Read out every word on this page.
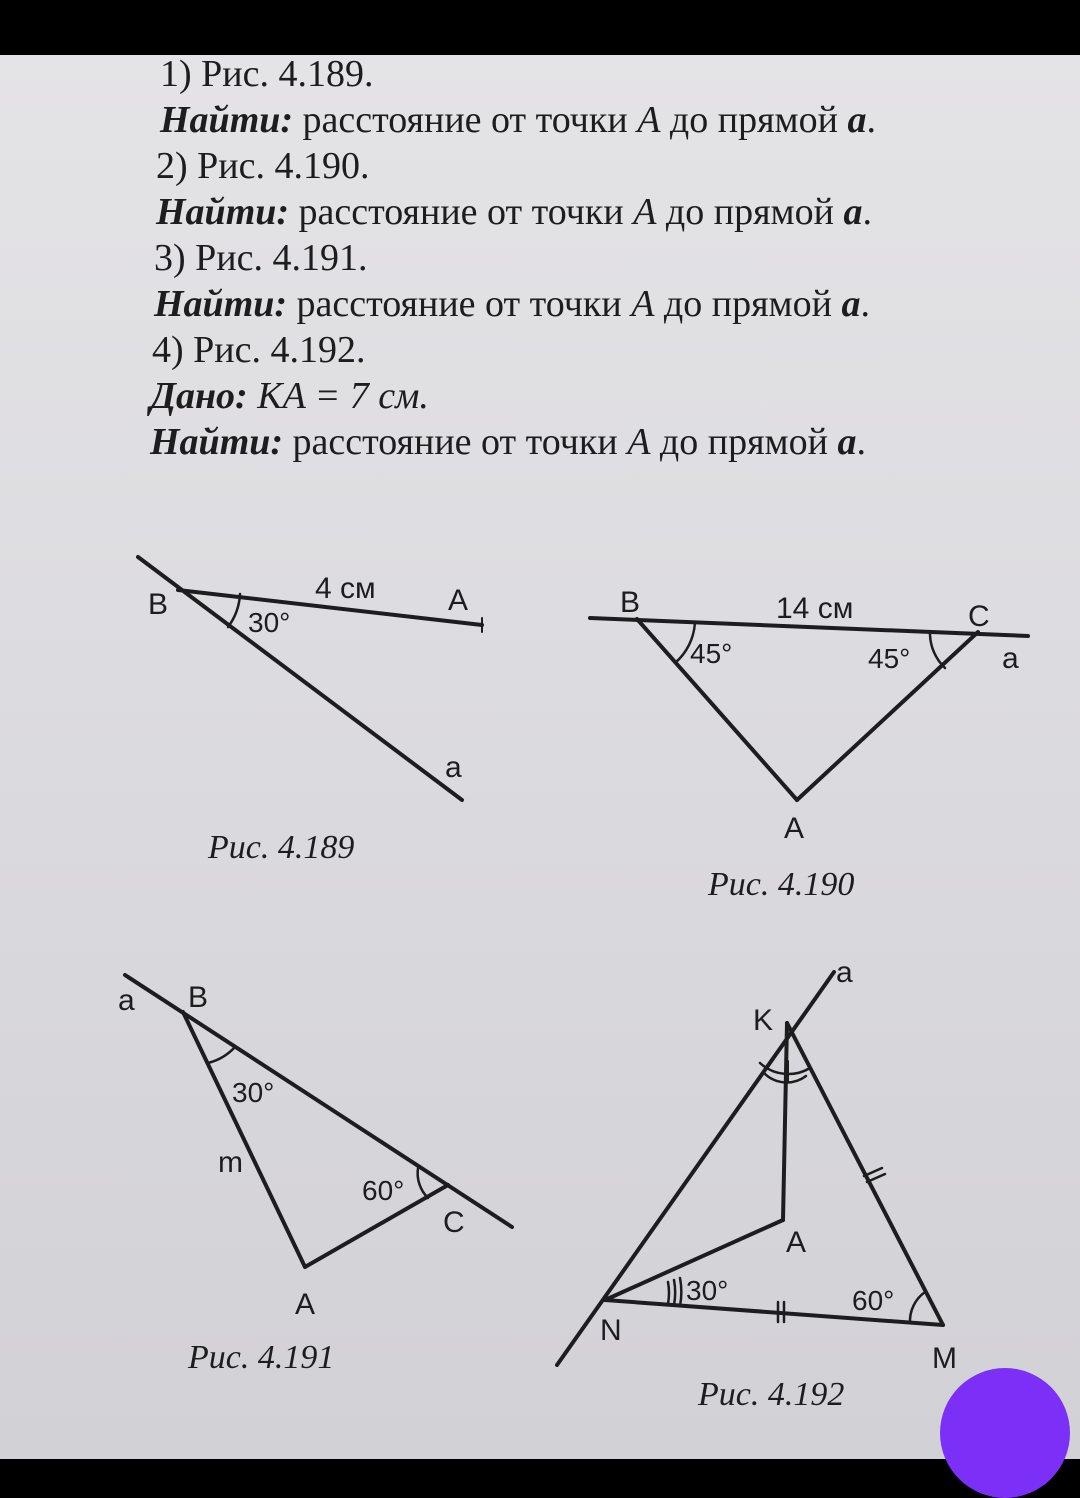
1) Рис. 4.189.
Найти: расстояние от точки A до прямой a.
2) Рис. 4.190.
Найти: расстояние от точки A до прямой a.
3) Рис. 4.191.
Найти: расстояние от точки A до прямой a.
4) Рис. 4.192.
Дано: KA = 7 см.
Найти: расстояние от точки A до прямой a.
B	4 см A
30°
a
Рис. 4.189
B	14 см	C
a
45°	45°
A
Рис. 4.190
a B
30°
m
60°
C
A
Рис. 4.191
a
K
A
30°	60°
N
M
Рис. 4.192
